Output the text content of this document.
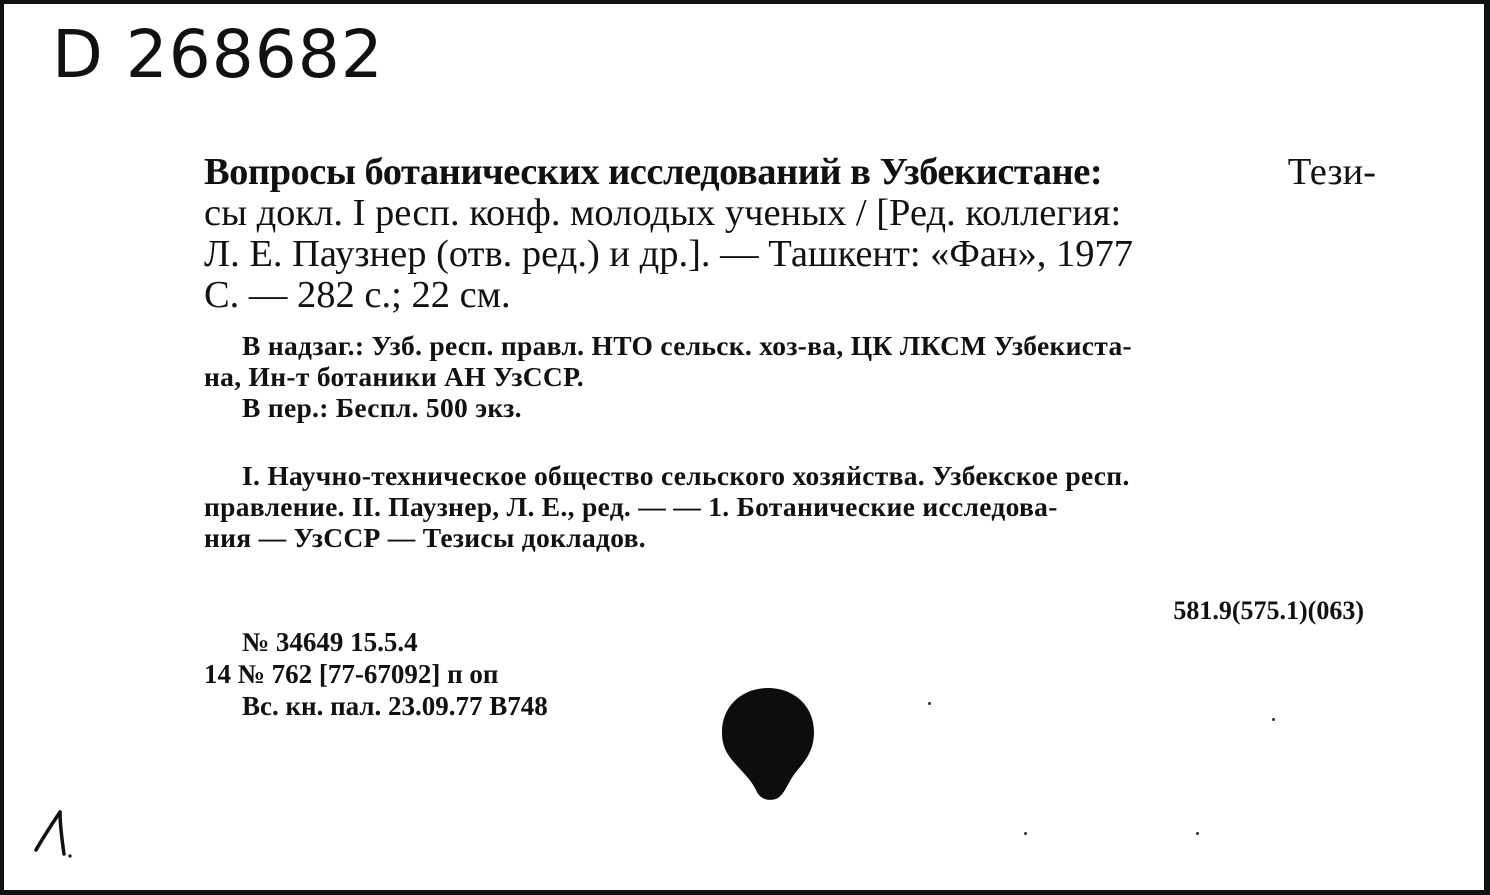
D 268682
Вопросы ботанических исследований в Узбекистане:	Тези-
сы докл. I респ. конф. молодых ученых / [Ред. коллегия:
Л. Е. Паузнер (отв. ред.) и др.]. — Ташкент: «Фан», 1977
С. — 282 с.; 22 см.
В надзаг.: Узб. респ. правл. НТО сельск. хоз-ва, ЦК ЛКСМ Узбекиста-
на, Ин-т ботаники АН УзССР.
В пер.: Беспл. 500 экз.
I. Научно-техническое общество сельского хозяйства. Узбекское респ.
правление. II. Паузнер, Л. Е., ред. — — 1. Ботанические исследова-
ния — УзССР — Тезисы докладов.
581.9(575.1)(063)
№ 34649 15.5.4
14 № 762 [77-67092] п оп
Вс. кн. пал. 23.09.77 В748
